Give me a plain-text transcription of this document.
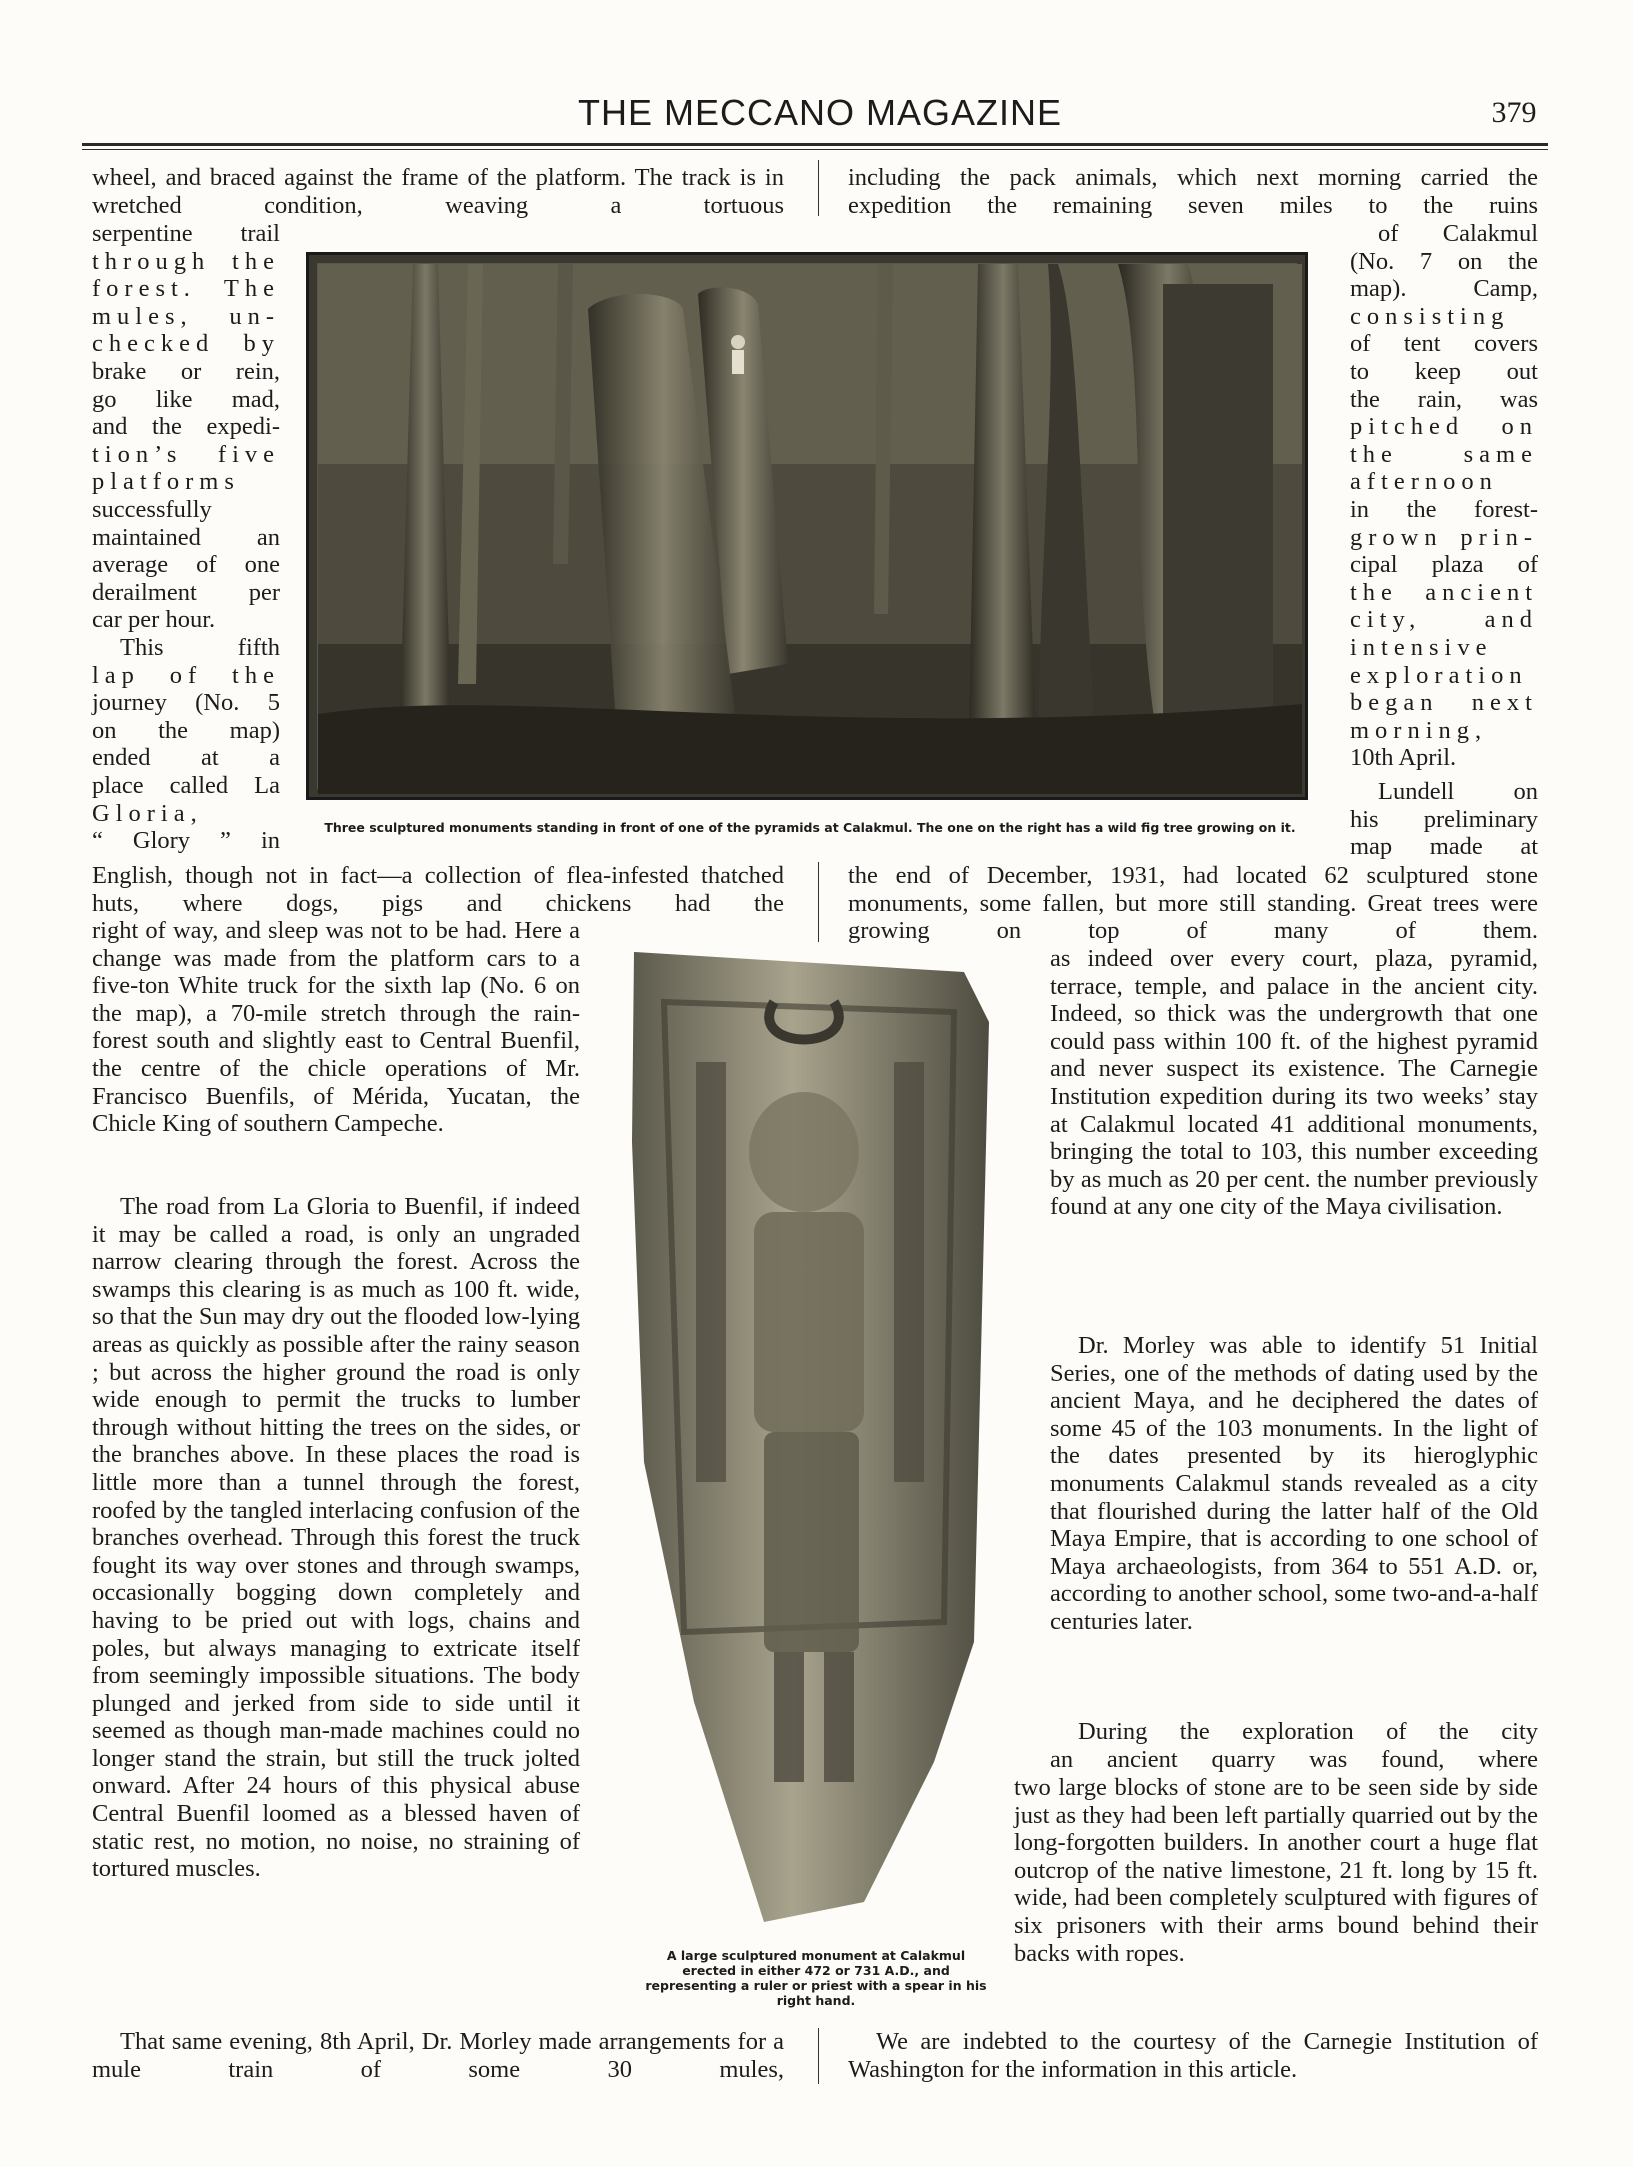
THE MECCANO MAGAZINE	379
wheel, and braced against the frame of the platform. The track is in wretched condition, weaving a tortuous
serpentine trail
through the
forest. The
mules, un-
checked by
brake or rein,
go like mad,
and the expedi-
tion’s five
platforms
successfully
maintained an
average of one
derailment per
car per hour.
This fifth
lap of the
journey (No. 5
on the map)
ended at a
place called La
Gloria,
“ Glory ” in
English, though not in fact—a collection of flea-infested thatched huts, where dogs, pigs and chickens had the
right of way, and sleep was not to be had. Here a change was made from the platform cars to a five-ton White truck for the sixth lap (No. 6 on the map), a 70-mile stretch through the rain-forest south and slightly east to Central Buenfil, the centre of the chicle operations of Mr. Francisco Buenfils, of Mérida, Yucatan, the Chicle King of southern Campeche.
The road from La Gloria to Buenfil, if indeed it may be called a road, is only an ungraded narrow clearing through the forest. Across the swamps this clearing is as much as 100 ft. wide, so that the Sun may dry out the flooded low-lying areas as quickly as possible after the rainy season ; but across the higher ground the road is only wide enough to permit the trucks to lumber through without hitting the trees on the sides, or the branches above. In these places the road is little more than a tunnel through the forest, roofed by the tangled interlacing confusion of the branches overhead. Through this forest the truck fought its way over stones and through swamps, occasionally bogging down completely and having to be pried out with logs, chains and poles, but always managing to extricate itself from seemingly impossible situations. The body plunged and jerked from side to side until it seemed as though man-made machines could no longer stand the strain, but still the truck jolted onward. After 24 hours of this physical abuse Central Buenfil loomed as a blessed haven of static rest, no motion, no noise, no straining of tortured muscles.
That same evening, 8th April, Dr. Morley made arrangements for a mule train of some 30 mules,
including the pack animals, which next morning carried the expedition the remaining seven miles to the ruins
of Calakmul
(No. 7 on the
map). Camp,
consisting
of tent covers
to keep out
the rain, was
pitched on
the same
afternoon
in the forest-
grown prin-
cipal plaza of
the ancient
city, and
intensive
exploration
began next
morning,
10th April.
Lundell on
his preliminary
map made at
the end of December, 1931, had located 62 sculptured stone monuments, some fallen, but more still standing. Great trees were growing on top of many of them.
as indeed over every court, plaza, pyramid, terrace, temple, and palace in the ancient city. Indeed, so thick was the undergrowth that one could pass within 100 ft. of the highest pyramid and never suspect its existence. The Carnegie Institution expedition during its two weeks’ stay at Calakmul located 41 additional monuments, bringing the total to 103, this number exceeding by as much as 20 per cent. the number previously found at any one city of the Maya civilisation.
Dr. Morley was able to identify 51 Initial Series, one of the methods of dating used by the ancient Maya, and he deciphered the dates of some 45 of the 103 monuments. In the light of the dates presented by its hieroglyphic monuments Calakmul stands revealed as a city that flourished during the latter half of the Old Maya Empire, that is according to one school of Maya archaeologists, from 364 to 551 A.D. or, according to another school, some two-and-a-half centuries later.
During the exploration of the city
an ancient quarry was found, where
two large blocks of stone are to be seen side by side just as they had been left partially quarried out by the long-forgotten builders. In another court a huge flat outcrop of the native limestone, 21 ft. long by 15 ft. wide, had been completely sculptured with figures of six prisoners with their arms bound behind their backs with ropes.
We are indebted to the courtesy of the Carnegie Institution of Washington for the information in this article.
Three sculptured monuments standing in front of one of the pyramids at Calakmul. The one on the right has a wild fig tree growing on it.
A large sculptured monument at Calakmul erected in either 472 or 731 A.D., and representing a ruler or priest with a spear in his right hand.
